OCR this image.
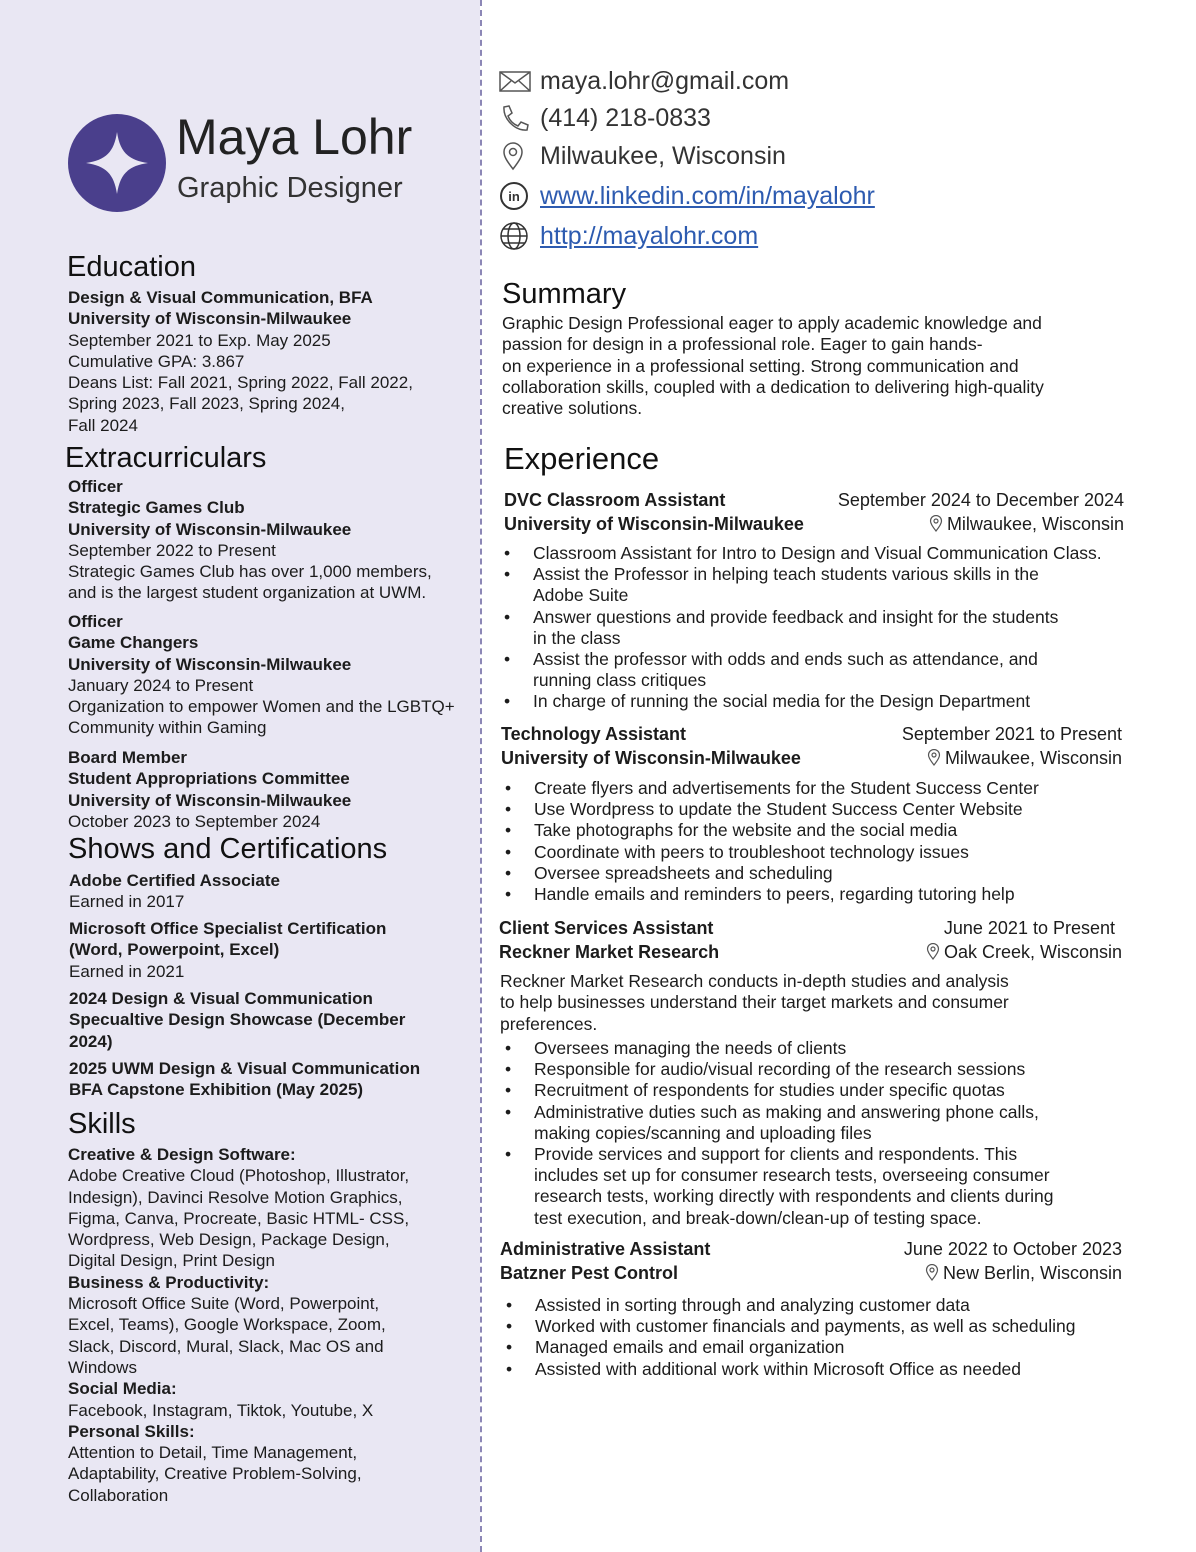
Maya Lohr
Graphic Designer
maya.lohr@gmail.com
(414) 218-0833
Milwaukee, Wisconsin
in www.linkedin.com/in/mayalohr
http://mayalohr.com
Education
Design & Visual Communication, BFA
University of Wisconsin-Milwaukee
September 2021 to Exp. May 2025
Cumulative GPA: 3.867
Deans List: Fall 2021, Spring 2022, Fall 2022,
Spring 2023, Fall 2023, Spring 2024,
Fall 2024
Extracurriculars
Officer
Strategic Games Club
University of Wisconsin-Milwaukee
September 2022 to Present
Strategic Games Club has over 1,000 members,
and is the largest student organization at UWM.
Officer
Game Changers
University of Wisconsin-Milwaukee
January 2024 to Present
Organization to empower Women and the LGBTQ+
Community within Gaming
Board Member
Student Appropriations Committee
University of Wisconsin-Milwaukee
October 2023 to September 2024
Shows and Certifications
Adobe Certified Associate
Earned in 2017
Microsoft Office Specialist Certification
(Word, Powerpoint, Excel)
Earned in 2021
2024 Design & Visual Communication
Specualtive Design Showcase (December
2024)
2025 UWM Design & Visual Communication
BFA Capstone Exhibition (May 2025)
Skills
Creative & Design Software:
Adobe Creative Cloud (Photoshop, Illustrator,
Indesign), Davinci Resolve Motion Graphics,
Figma, Canva, Procreate, Basic HTML- CSS,
Wordpress, Web Design, Package Design,
Digital Design, Print Design
Business & Productivity:
Microsoft Office Suite (Word, Powerpoint,
Excel, Teams), Google Workspace, Zoom,
Slack, Discord, Mural, Slack, Mac OS and
Windows
Social Media:
Facebook, Instagram, Tiktok, Youtube, X
Personal Skills:
Attention to Detail, Time Management,
Adaptability, Creative Problem-Solving,
Collaboration
Summary
Graphic Design Professional eager to apply academic knowledge and
passion for design in a professional role. Eager to gain hands-
on experience in a professional setting. Strong communication and
collaboration skills, coupled with a dedication to delivering high-quality
creative solutions.
Experience
DVC Classroom Assistant	September 2024 to December 2024
University of Wisconsin-Milwaukee	Milwaukee, Wisconsin
• Classroom Assistant for Intro to Design and Visual Communication Class.
• Assist the Professor in helping teach students various skills in the
Adobe Suite
• Answer questions and provide feedback and insight for the students
in the class
• Assist the professor with odds and ends such as attendance, and
running class critiques
• In charge of running the social media for the Design Department
Technology Assistant	September 2021 to Present
University of Wisconsin-Milwaukee	Milwaukee, Wisconsin
• Create flyers and advertisements for the Student Success Center
• Use Wordpress to update the Student Success Center Website
• Take photographs for the website and the social media
• Coordinate with peers to troubleshoot technology issues
• Oversee spreadsheets and scheduling
• Handle emails and reminders to peers, regarding tutoring help
Client Services Assistant	June 2021 to Present
Reckner Market Research	Oak Creek, Wisconsin
Reckner Market Research conducts in-depth studies and analysis
to help businesses understand their target markets and consumer
preferences.
• Oversees managing the needs of clients
• Responsible for audio/visual recording of the research sessions
• Recruitment of respondents for studies under specific quotas
• Administrative duties such as making and answering phone calls,
making copies/scanning and uploading files
• Provide services and support for clients and respondents. This
includes set up for consumer research tests, overseeing consumer
research tests, working directly with respondents and clients during
test execution, and break-down/clean-up of testing space.
Administrative Assistant	June 2022 to October 2023
Batzner Pest Control	New Berlin, Wisconsin
• Assisted in sorting through and analyzing customer data
• Worked with customer financials and payments, as well as scheduling
• Managed emails and email organization
• Assisted with additional work within Microsoft Office as needed
